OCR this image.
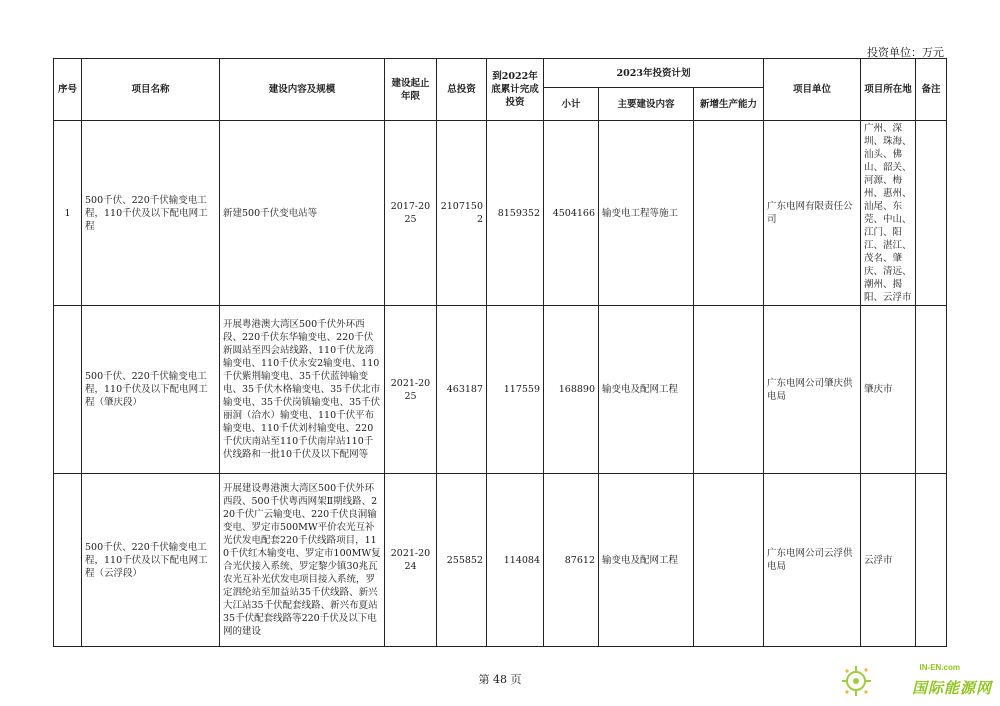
投资单位：万元
序号	项目名称	建设内容及规模	建设起止年限	总投资	到2022年底累计完成投资	2023年投资计划			项目单位	项目所在地	备注
						小计	主要建设内容	新增生产能力			
1	500千伏、220千伏输变电工程，110千伏及以下配电网工程	新建500千伏变电站等	2017-2025	21071502	8159352	4504166	输变电工程等施工		广东电网有限责任公司	广州、深圳、珠海、汕头、佛山、韶关、河源、梅州、惠州、汕尾、东莞、中山、江门、阳江、湛江、茂名、肇庆、清远、潮州、揭阳、云浮市	
	500千伏、220千伏输变电工程，110千伏及以下配电网工程（肇庆段）	开展粤港澳大湾区500千伏外环西段、220千伏东华输变电、220千伏新圆站至四会站线路、110千伏龙湾输变电、110千伏永安2输变电、110千伏紫荆输变电、35千伏蓝钟输变电、35千伏木格输变电、35千伏北市输变电、35千伏岗镇输变电、35千伏丽洞（洽水）输变电、110千伏平布输变电、110千伏刘村输变电、220千伏庆南站至110千伏南岸站110千伏线路和一批10千伏及以下配网等	2021-2025	463187	117559	168890	输变电及配网工程		广东电网公司肇庆供电局	肇庆市	
	500千伏、220千伏输变电工程，110千伏及以下配电网工程（云浮段）	开展建设粤港澳大湾区500千伏外环西段、500千伏粤西网架Ⅱ期线路、220千伏广云输变电、220千伏良洞输变电、罗定市500MW平价农光互补光伏发电配套220千伏线路项目，110千伏红木输变电、罗定市100MW复合光伏接入系统、罗定黎少镇30兆瓦农光互补光伏发电项目接入系统，罗定泗纶站至加益站35千伏线路、新兴大江站35千伏配套线路、新兴布夏站35千伏配套线路等220千伏及以下电网的建设	2021-2024	255852	114084	87612	输变电及配网工程		广东电网公司云浮供电局	云浮市	
第 48 页
IN-EN.com
国际能源网
